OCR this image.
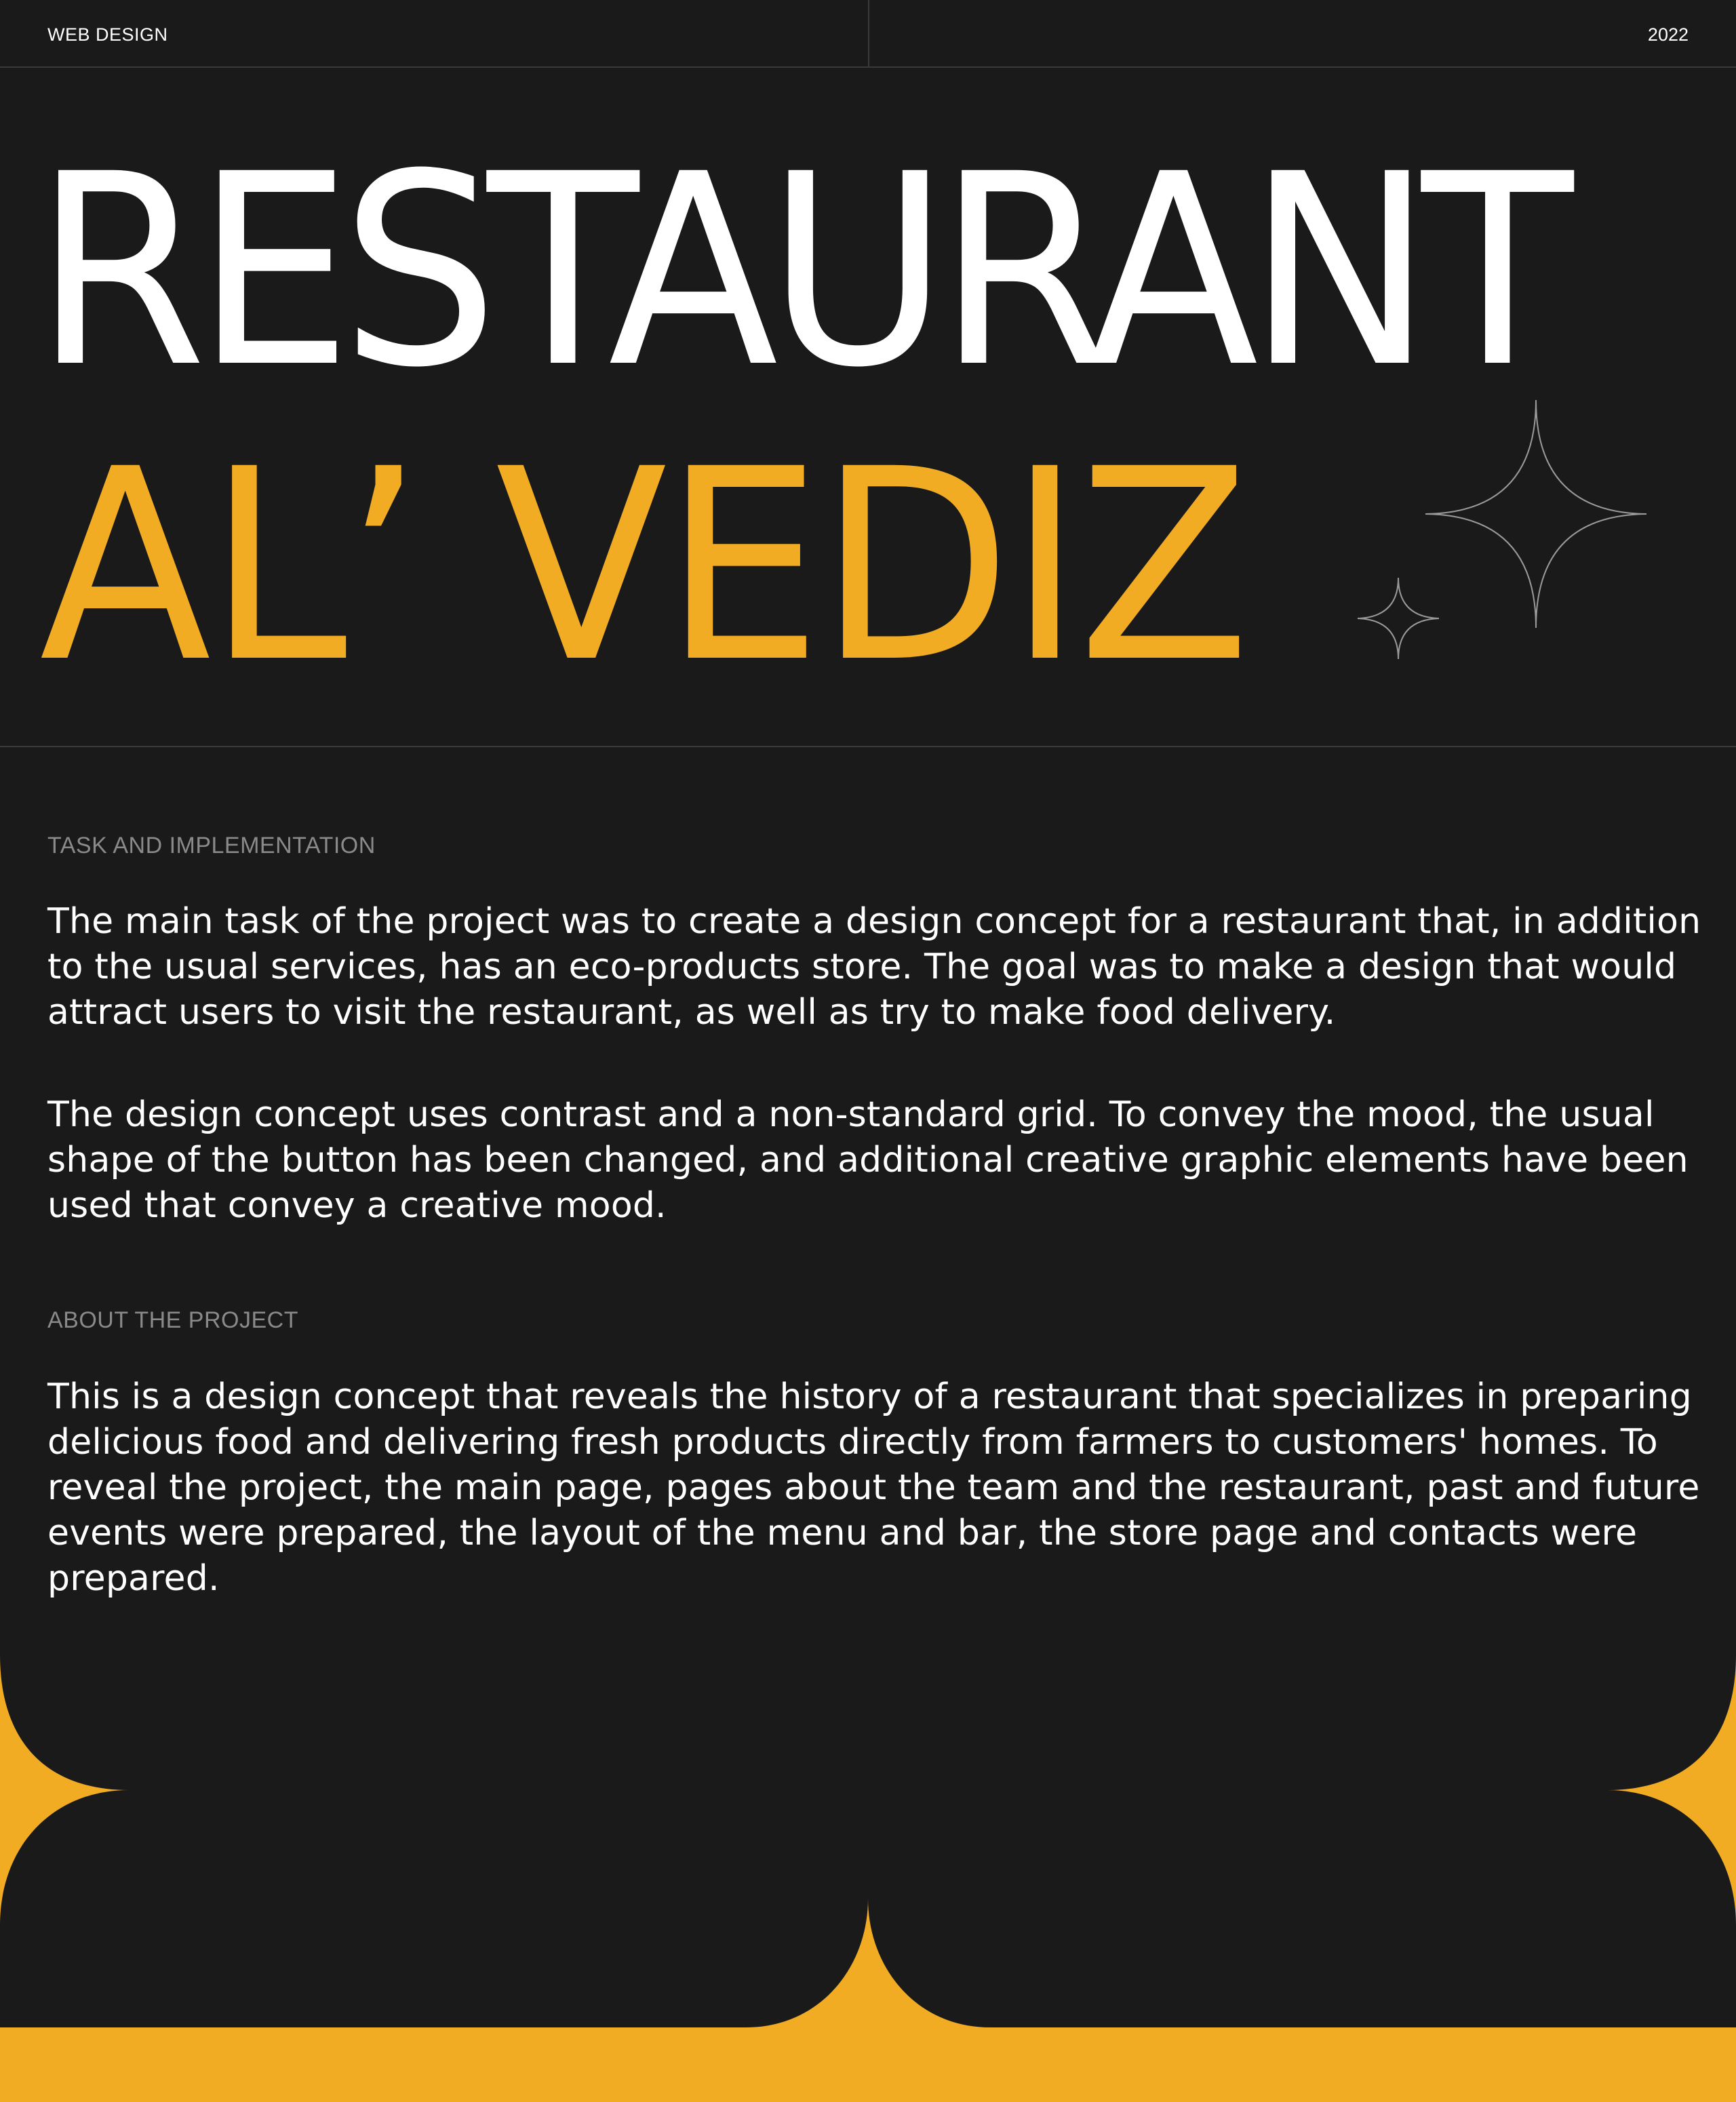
WEB DESIGN	2022
RESTAURANT
AL’ VEDIZ
TASK AND IMPLEMENTATION

The main task of the project was to create a design concept for a restaurant that, in addition to the usual services, has an eco-products store. The goal was to make a design that would attract users to visit the restaurant, as well as try to make food delivery.

The design concept uses contrast and a non-standard grid. To convey the mood, the usual shape of the button has been changed, and additional creative graphic elements have been used that convey a creative mood.

ABOUT THE PROJECT

This is a design concept that reveals the history of a restaurant that specializes in preparing delicious food and delivering fresh products directly from farmers to customers' homes. To reveal the project, the main page, pages about the team and the restaurant, past and future events were prepared, the layout of the menu and bar, the store page and contacts were prepared.
